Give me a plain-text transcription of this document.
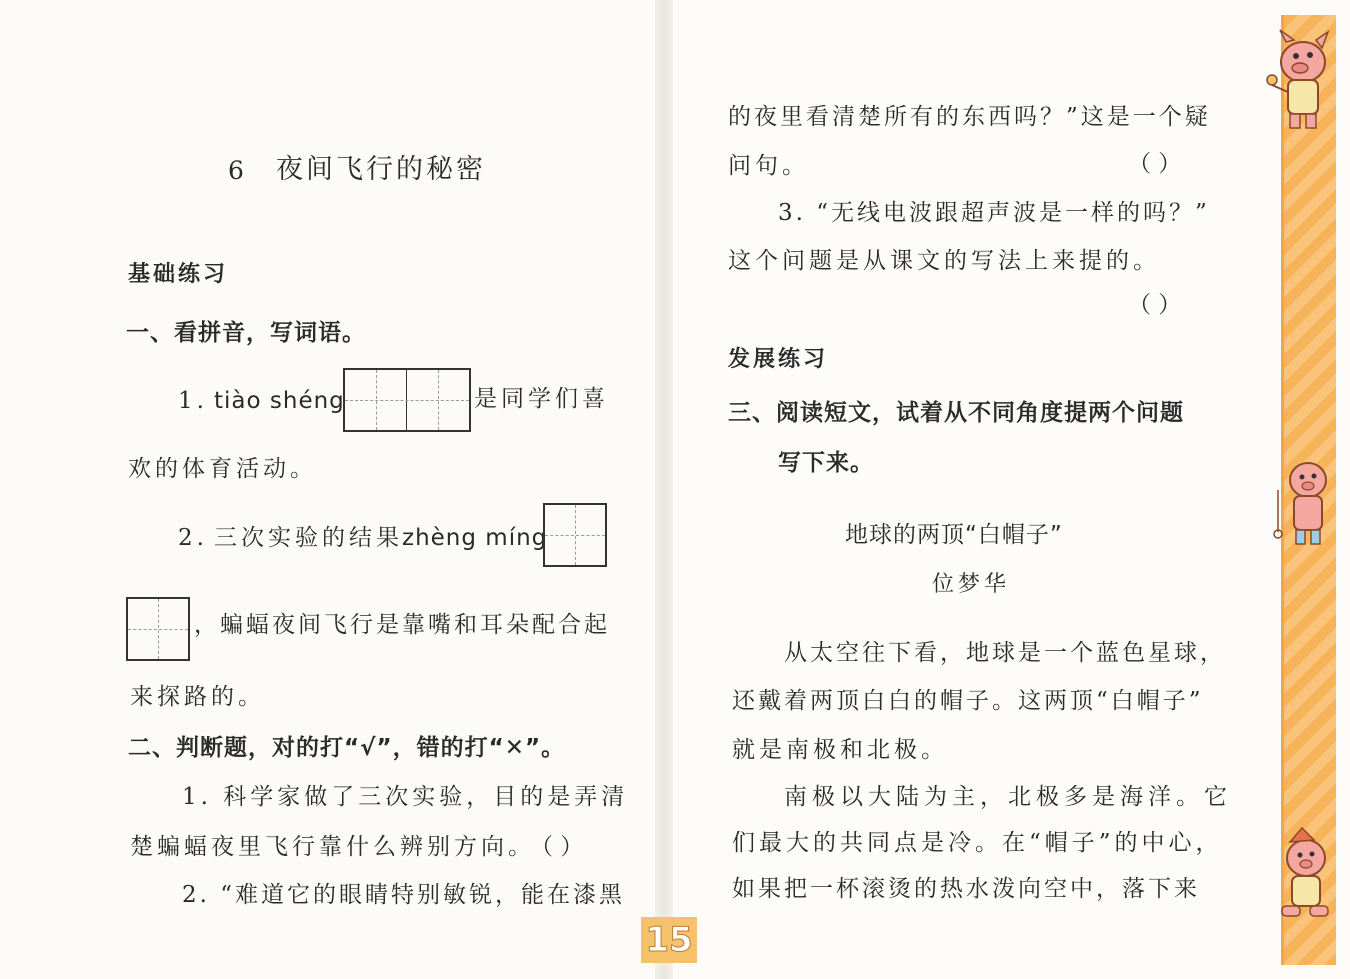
6 夜间飞行的秘密
基础练习
一、看拼音，写词语。
1. tiào shéng	是同学们喜
欢的体育活动。
2. 三次实验的结果 zhèng míng
，蝙蝠夜间飞行是靠嘴和耳朵配合起
来探路的。
二、判断题，对的打“√”，错的打“✕”。
1. 科学家做了三次实验，目的是弄清
楚蝙蝠夜里飞行靠什么辨别方向。
（ ）
2. “难道它的眼睛特别敏锐，能在漆黑
的夜里看清楚所有的东西吗？”这是一个疑
问句。	（ ）
3. “无线电波跟超声波是一样的吗？”
这个问题是从课文的写法上来提的。
（ ）
发展练习
三、阅读短文，试着从不同角度提两个问题
写下来。
地球的两顶“白帽子”
位梦华
从太空往下看，地球是一个蓝色星球，
还戴着两顶白白的帽子。这两顶“白帽子”
就是南极和北极。
南极以大陆为主，北极多是海洋。它
们最大的共同点是冷。在“帽子”的中心，
如果把一杯滚烫的热水泼向空中，落下来
15
